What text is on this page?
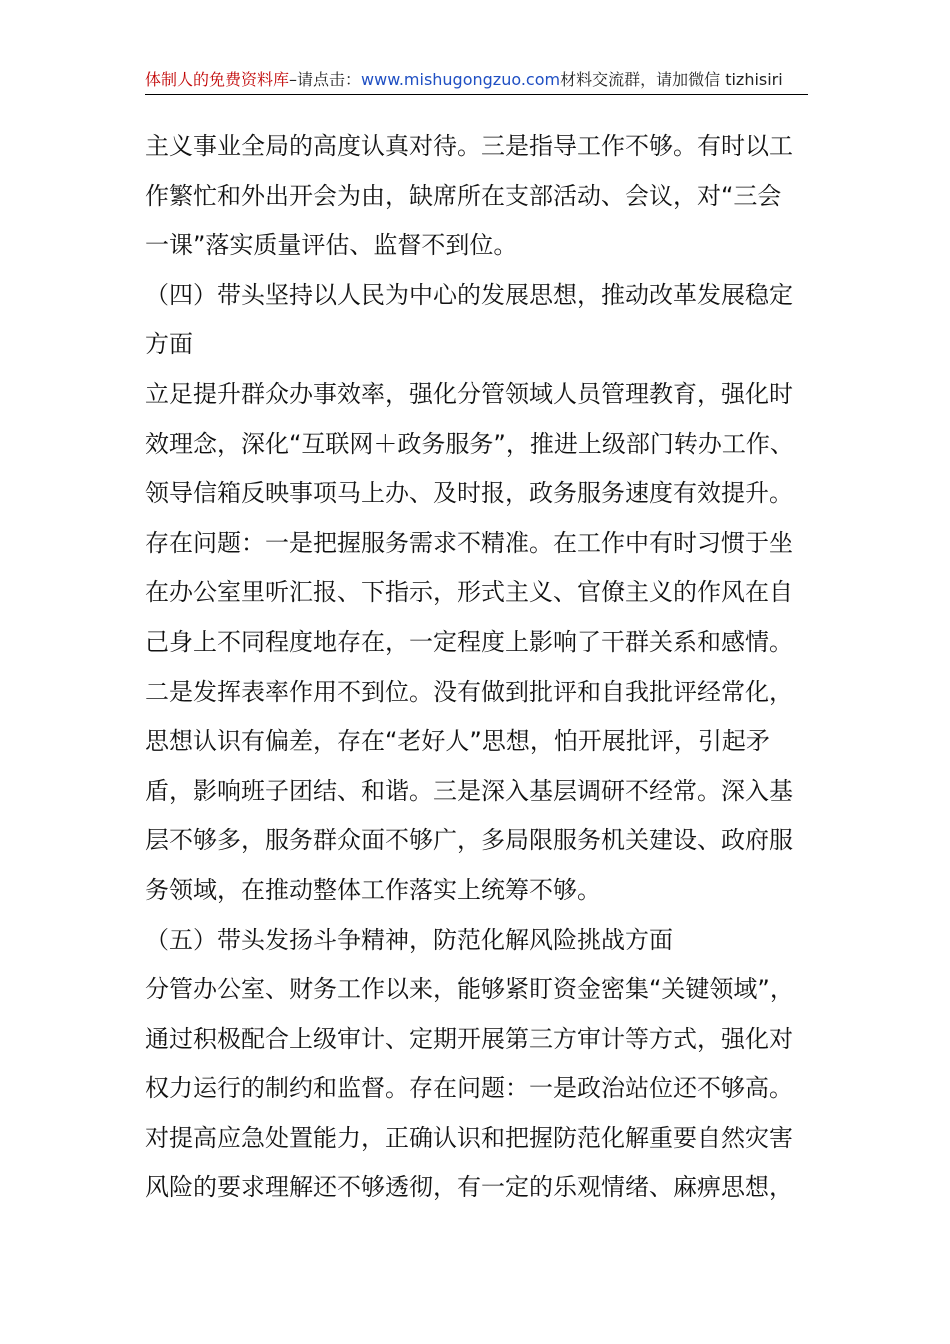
体制人的免费资料库–请点击：www.mishugongzuo.com材料交流群，请加微信 tizhisiri
主义事业全局的高度认真对待。三是指导工作不够。有时以工
作繁忙和外出开会为由，缺席所在支部活动、会议，对“三会
一课”落实质量评估、监督不到位。
（四）带头坚持以人民为中心的发展思想，推动改革发展稳定
方面
立足提升群众办事效率，强化分管领域人员管理教育，强化时
效理念，深化“互联网＋政务服务”，推进上级部门转办工作、
领导信箱反映事项马上办、及时报，政务服务速度有效提升。
存在问题：一是把握服务需求不精准。在工作中有时习惯于坐
在办公室里听汇报、下指示，形式主义、官僚主义的作风在自
己身上不同程度地存在，一定程度上影响了干群关系和感情。
二是发挥表率作用不到位。没有做到批评和自我批评经常化，
思想认识有偏差，存在“老好人”思想，怕开展批评，引起矛
盾，影响班子团结、和谐。三是深入基层调研不经常。深入基
层不够多，服务群众面不够广，多局限服务机关建设、政府服
务领域，在推动整体工作落实上统筹不够。
（五）带头发扬斗争精神，防范化解风险挑战方面
分管办公室、财务工作以来，能够紧盯资金密集“关键领域”，
通过积极配合上级审计、定期开展第三方审计等方式，强化对
权力运行的制约和监督。存在问题：一是政治站位还不够高。
对提高应急处置能力，正确认识和把握防范化解重要自然灾害
风险的要求理解还不够透彻，有一定的乐观情绪、麻痹思想，
